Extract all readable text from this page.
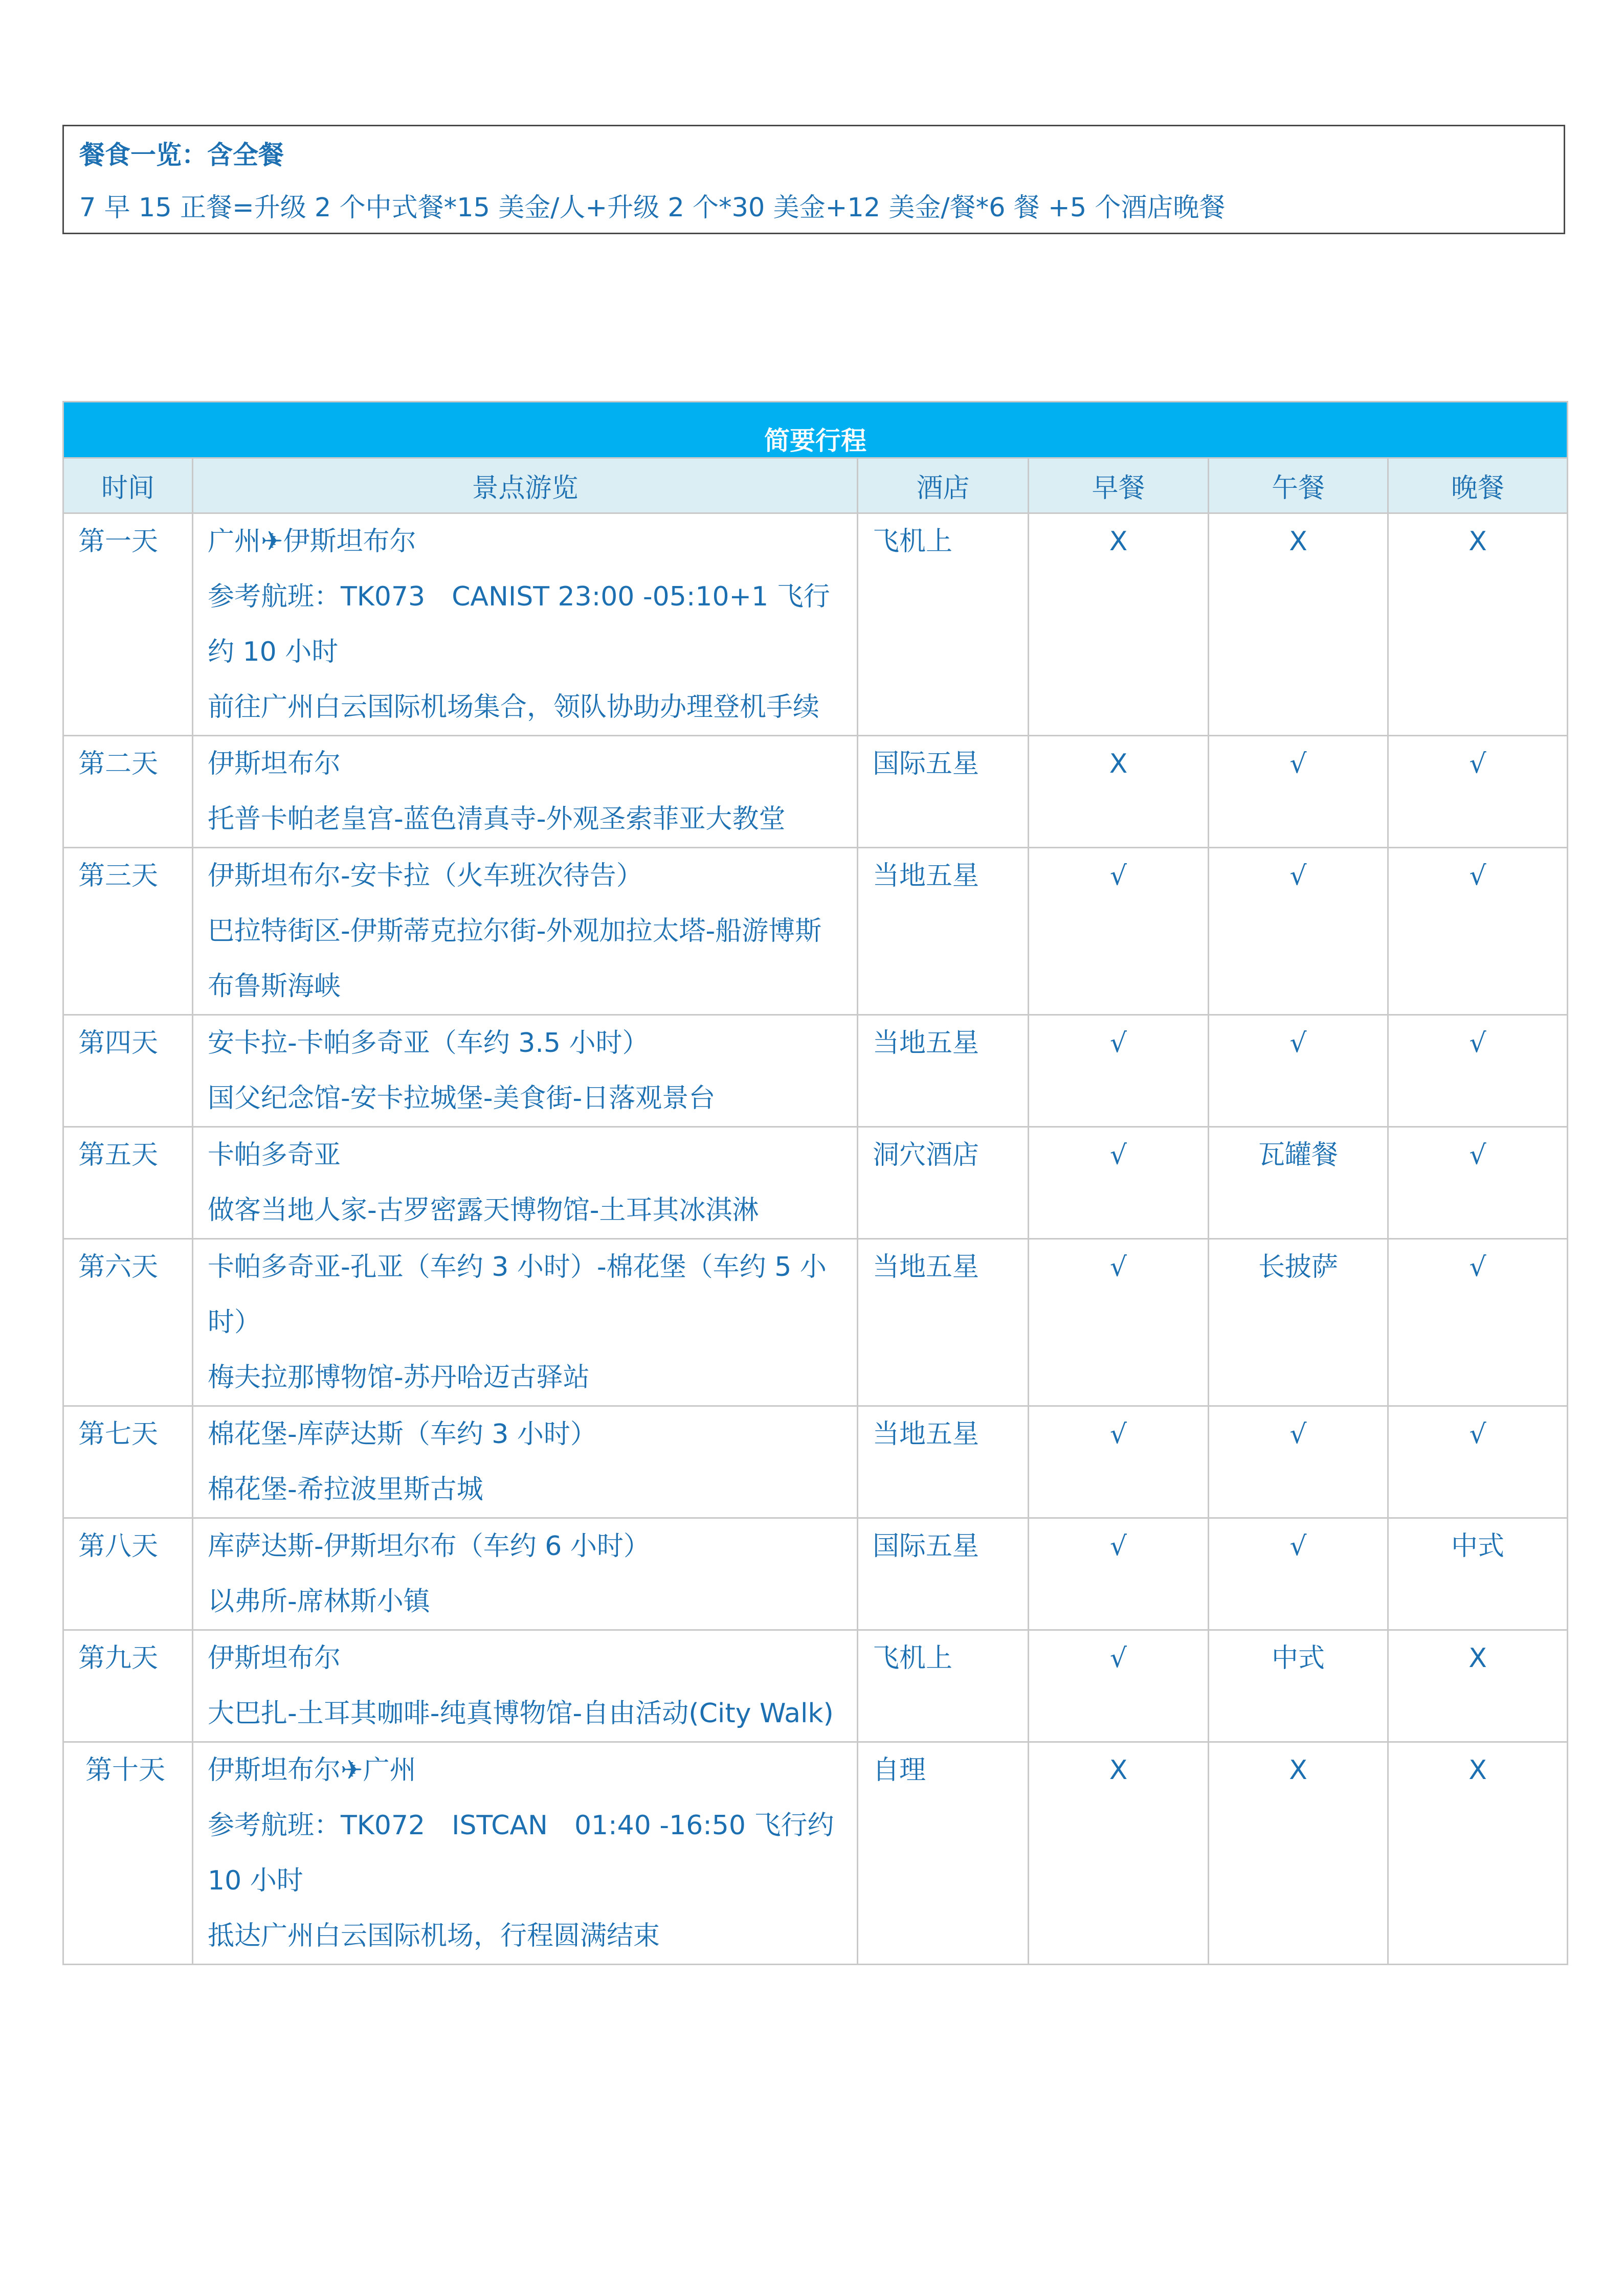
餐食一览：含全餐
7 早 15 正餐=升级 2 个中式餐*15 美金/人+升级 2 个*30 美金+12 美金/餐*6 餐 +5 个酒店晚餐
简要行程					
时间	景点游览	酒店	早餐	午餐	晚餐
第一天	广州✈伊斯坦布尔
参考航班：TK073　CANIST 23:00 -05:10+1 飞行约 10 小时
前往广州白云国际机场集合，领队协助办理登机手续	飞机上	X	X	X
第二天	伊斯坦布尔
托普卡帕老皇宫-蓝色清真寺-外观圣索菲亚大教堂	国际五星	X	√	√
第三天	伊斯坦布尔-安卡拉（火车班次待告）
巴拉特街区-伊斯蒂克拉尔街-外观加拉太塔-船游博斯布鲁斯海峡	当地五星	√	√	√
第四天	安卡拉-卡帕多奇亚（车约 3.5 小时）
国父纪念馆-安卡拉城堡-美食街-日落观景台	当地五星	√	√	√
第五天	卡帕多奇亚
做客当地人家-古罗密露天博物馆-土耳其冰淇淋	洞穴酒店	√	瓦罐餐	√
第六天	卡帕多奇亚-孔亚（车约 3 小时）-棉花堡（车约 5 小时）
梅夫拉那博物馆-苏丹哈迈古驿站	当地五星	√	长披萨	√
第七天	棉花堡-库萨达斯（车约 3 小时）
棉花堡-希拉波里斯古城	当地五星	√	√	√
第八天	库萨达斯-伊斯坦尔布（车约 6 小时）
以弗所-席林斯小镇	国际五星	√	√	中式
第九天	伊斯坦布尔
大巴扎-土耳其咖啡-纯真博物馆-自由活动(City Walk)	飞机上	√	中式	X
第十天	伊斯坦布尔✈广州
参考航班：TK072　ISTCAN　01:40 -16:50 飞行约 10 小时
抵达广州白云国际机场，行程圆满结束	自理	X	X	X
